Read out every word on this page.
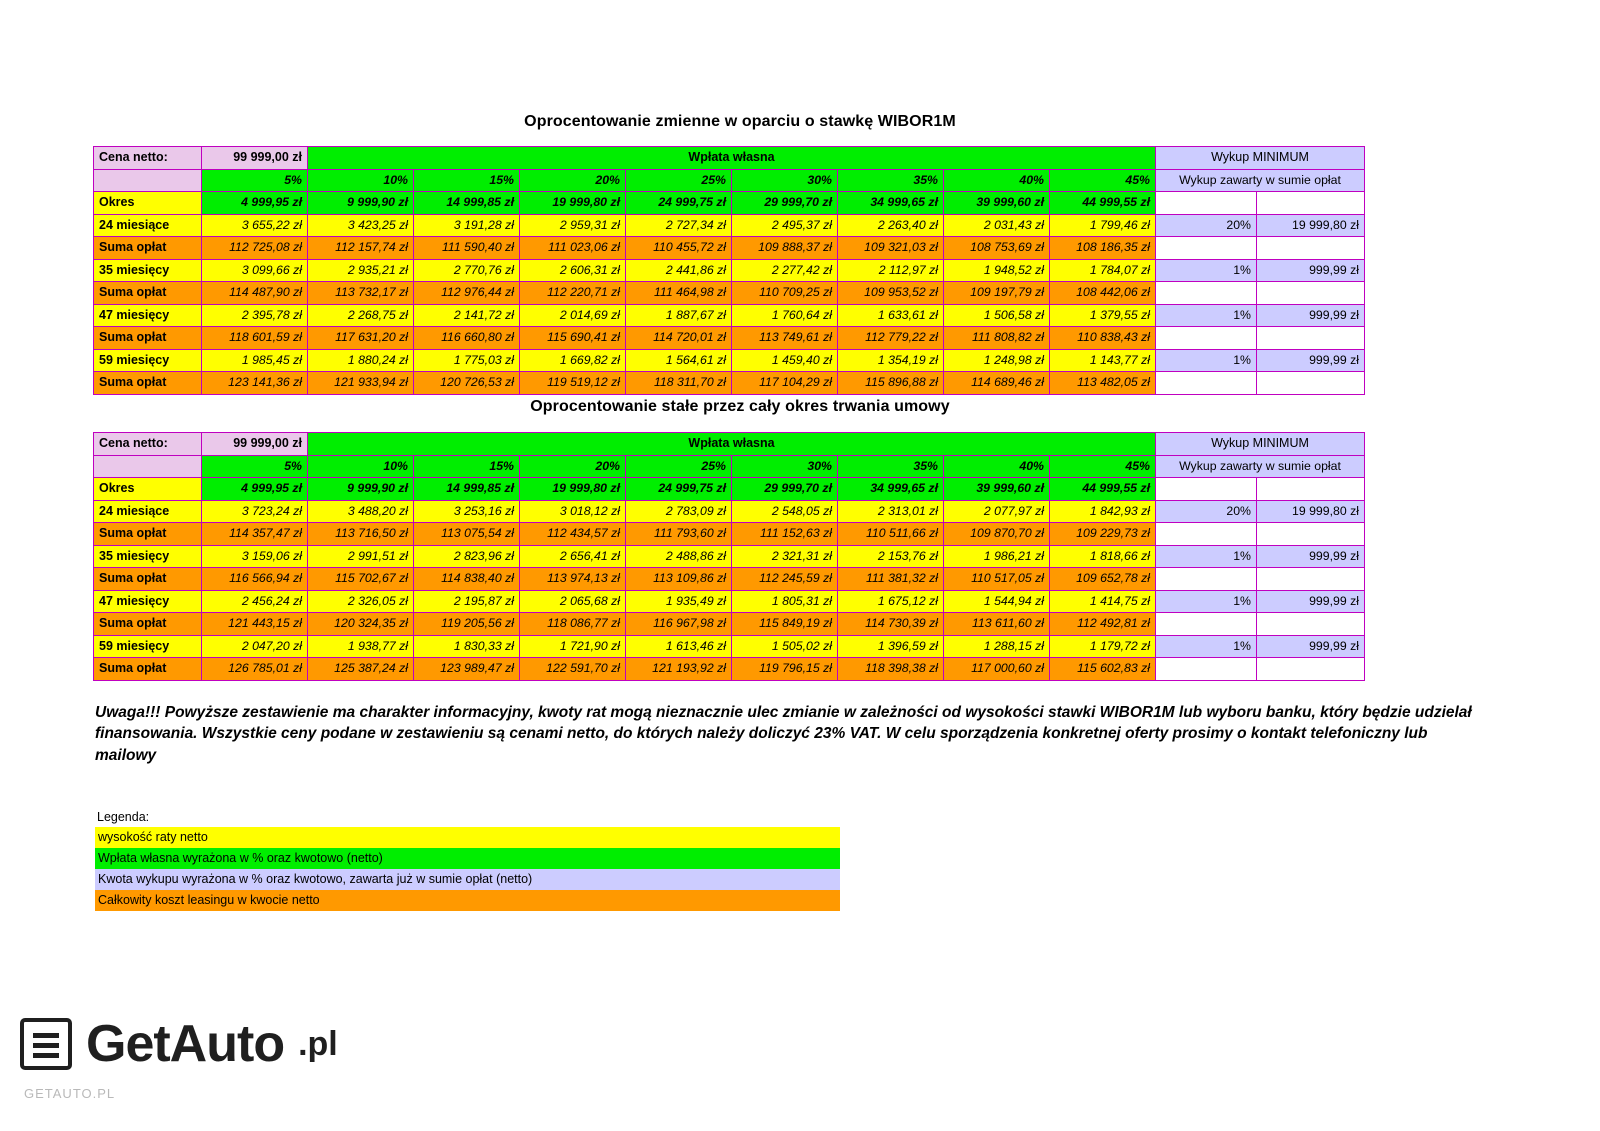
Oprocentowanie zmienne w oparciu o stawkę WIBOR1M
Cena netto:	99 999,00 zł	Wpłata własna								Wykup MINIMUM	
	5%	10%	15%	20%	25%	30%	35%	40%	45%	Wykup zawarty w sumie opłat	
Okres	4 999,95 zł	9 999,90 zł	14 999,85 zł	19 999,80 zł	24 999,75 zł	29 999,70 zł	34 999,65 zł	39 999,60 zł	44 999,55 zł		
24 miesiące	3 655,22 zł	3 423,25 zł	3 191,28 zł	2 959,31 zł	2 727,34 zł	2 495,37 zł	2 263,40 zł	2 031,43 zł	1 799,46 zł	20%	19 999,80 zł
Suma opłat	112 725,08 zł	112 157,74 zł	111 590,40 zł	111 023,06 zł	110 455,72 zł	109 888,37 zł	109 321,03 zł	108 753,69 zł	108 186,35 zł		
35 miesięcy	3 099,66 zł	2 935,21 zł	2 770,76 zł	2 606,31 zł	2 441,86 zł	2 277,42 zł	2 112,97 zł	1 948,52 zł	1 784,07 zł	1%	999,99 zł
Suma opłat	114 487,90 zł	113 732,17 zł	112 976,44 zł	112 220,71 zł	111 464,98 zł	110 709,25 zł	109 953,52 zł	109 197,79 zł	108 442,06 zł		
47 miesięcy	2 395,78 zł	2 268,75 zł	2 141,72 zł	2 014,69 zł	1 887,67 zł	1 760,64 zł	1 633,61 zł	1 506,58 zł	1 379,55 zł	1%	999,99 zł
Suma opłat	118 601,59 zł	117 631,20 zł	116 660,80 zł	115 690,41 zł	114 720,01 zł	113 749,61 zł	112 779,22 zł	111 808,82 zł	110 838,43 zł		
59 miesięcy	1 985,45 zł	1 880,24 zł	1 775,03 zł	1 669,82 zł	1 564,61 zł	1 459,40 zł	1 354,19 zł	1 248,98 zł	1 143,77 zł	1%	999,99 zł
Suma opłat	123 141,36 zł	121 933,94 zł	120 726,53 zł	119 519,12 zł	118 311,70 zł	117 104,29 zł	115 896,88 zł	114 689,46 zł	113 482,05 zł		
Oprocentowanie stałe przez cały okres trwania umowy
Cena netto:	99 999,00 zł	Wpłata własna								Wykup MINIMUM	
	5%	10%	15%	20%	25%	30%	35%	40%	45%	Wykup zawarty w sumie opłat	
Okres	4 999,95 zł	9 999,90 zł	14 999,85 zł	19 999,80 zł	24 999,75 zł	29 999,70 zł	34 999,65 zł	39 999,60 zł	44 999,55 zł		
24 miesiące	3 723,24 zł	3 488,20 zł	3 253,16 zł	3 018,12 zł	2 783,09 zł	2 548,05 zł	2 313,01 zł	2 077,97 zł	1 842,93 zł	20%	19 999,80 zł
Suma opłat	114 357,47 zł	113 716,50 zł	113 075,54 zł	112 434,57 zł	111 793,60 zł	111 152,63 zł	110 511,66 zł	109 870,70 zł	109 229,73 zł		
35 miesięcy	3 159,06 zł	2 991,51 zł	2 823,96 zł	2 656,41 zł	2 488,86 zł	2 321,31 zł	2 153,76 zł	1 986,21 zł	1 818,66 zł	1%	999,99 zł
Suma opłat	116 566,94 zł	115 702,67 zł	114 838,40 zł	113 974,13 zł	113 109,86 zł	112 245,59 zł	111 381,32 zł	110 517,05 zł	109 652,78 zł		
47 miesięcy	2 456,24 zł	2 326,05 zł	2 195,87 zł	2 065,68 zł	1 935,49 zł	1 805,31 zł	1 675,12 zł	1 544,94 zł	1 414,75 zł	1%	999,99 zł
Suma opłat	121 443,15 zł	120 324,35 zł	119 205,56 zł	118 086,77 zł	116 967,98 zł	115 849,19 zł	114 730,39 zł	113 611,60 zł	112 492,81 zł		
59 miesięcy	2 047,20 zł	1 938,77 zł	1 830,33 zł	1 721,90 zł	1 613,46 zł	1 505,02 zł	1 396,59 zł	1 288,15 zł	1 179,72 zł	1%	999,99 zł
Suma opłat	126 785,01 zł	125 387,24 zł	123 989,47 zł	122 591,70 zł	121 193,92 zł	119 796,15 zł	118 398,38 zł	117 000,60 zł	115 602,83 zł		
Uwaga!!! Powyższe zestawienie ma charakter informacyjny, kwoty rat mogą nieznacznie ulec zmianie w zależności od wysokości stawki WIBOR1M lub wyboru banku, który będzie udzielał finansowania. Wszystkie ceny podane w zestawieniu są cenami netto, do których należy doliczyć 23% VAT. W celu sporządzenia konkretnej oferty prosimy o kontakt telefoniczny lub mailowy
Legenda:
wysokość raty netto
Wpłata własna wyrażona w % oraz kwotowo (netto)
Kwota wykupu wyrażona w % oraz kwotowo, zawarta już w sumie opłat (netto)
Całkowity koszt leasingu w kwocie netto
GetAuto .pl
GETAUTO.PL
